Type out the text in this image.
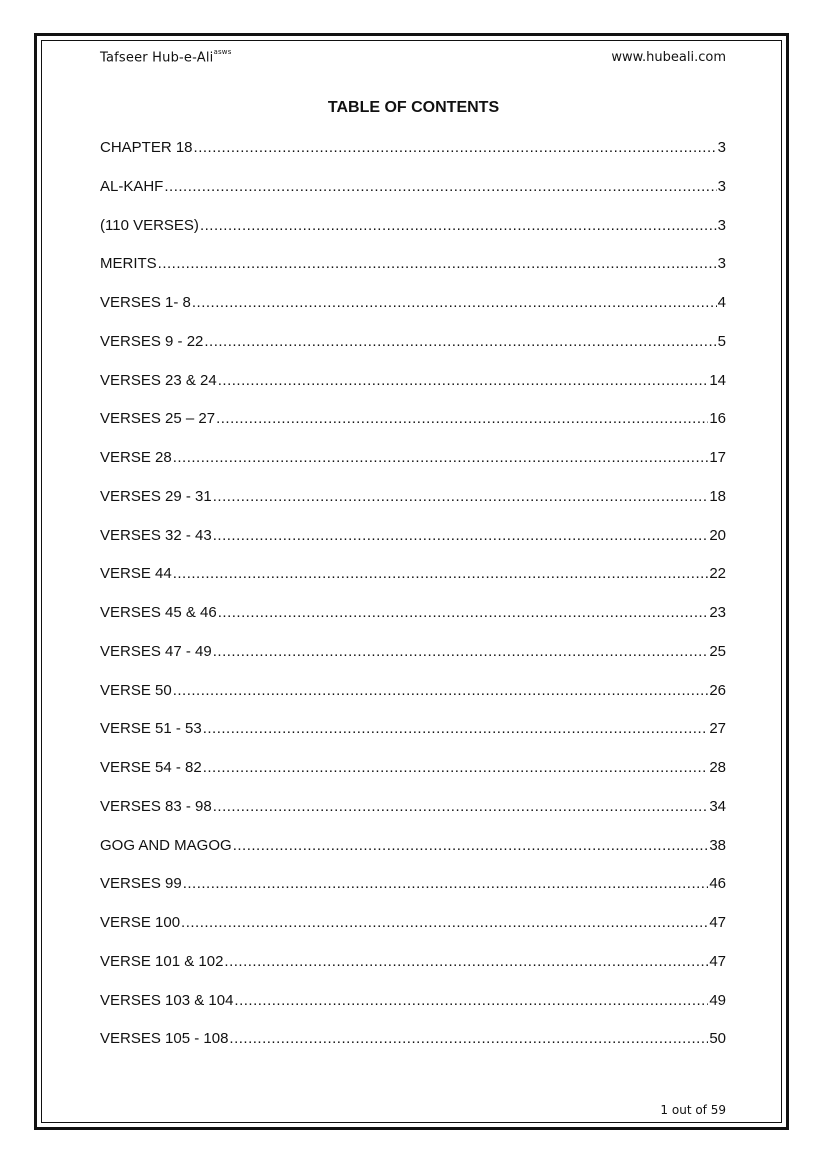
Tafseer Hub-e-Ali$^{asws}$	www.hubeali.com
TABLE OF CONTENTS
CHAPTER 18 .....	3
AL-KAHF .....	3
(110 VERSES) .....	3
MERITS .....	3
VERSES 1- 8 .....	4
VERSES 9 - 22 .....	5
VERSES 23 & 24 .....	14
VERSES 25 – 27 .....	16
VERSE 28 .....	17
VERSES 29 - 31 .....	18
VERSES 32 - 43 .....	20
VERSE 44 .....	22
VERSES 45 & 46 .....	23
VERSES 47 - 49 .....	25
VERSE 50 .....	26
VERSE 51 - 53 .....	27
VERSE 54 - 82 .....	28
VERSES 83 - 98 .....	34
GOG AND MAGOG .....	38
VERSES 99 .....	46
VERSE 100 .....	47
VERSE 101 & 102 .....	47
VERSES 103 & 104 .....	49
VERSES 105 - 108 .....	50
1 out of 59
